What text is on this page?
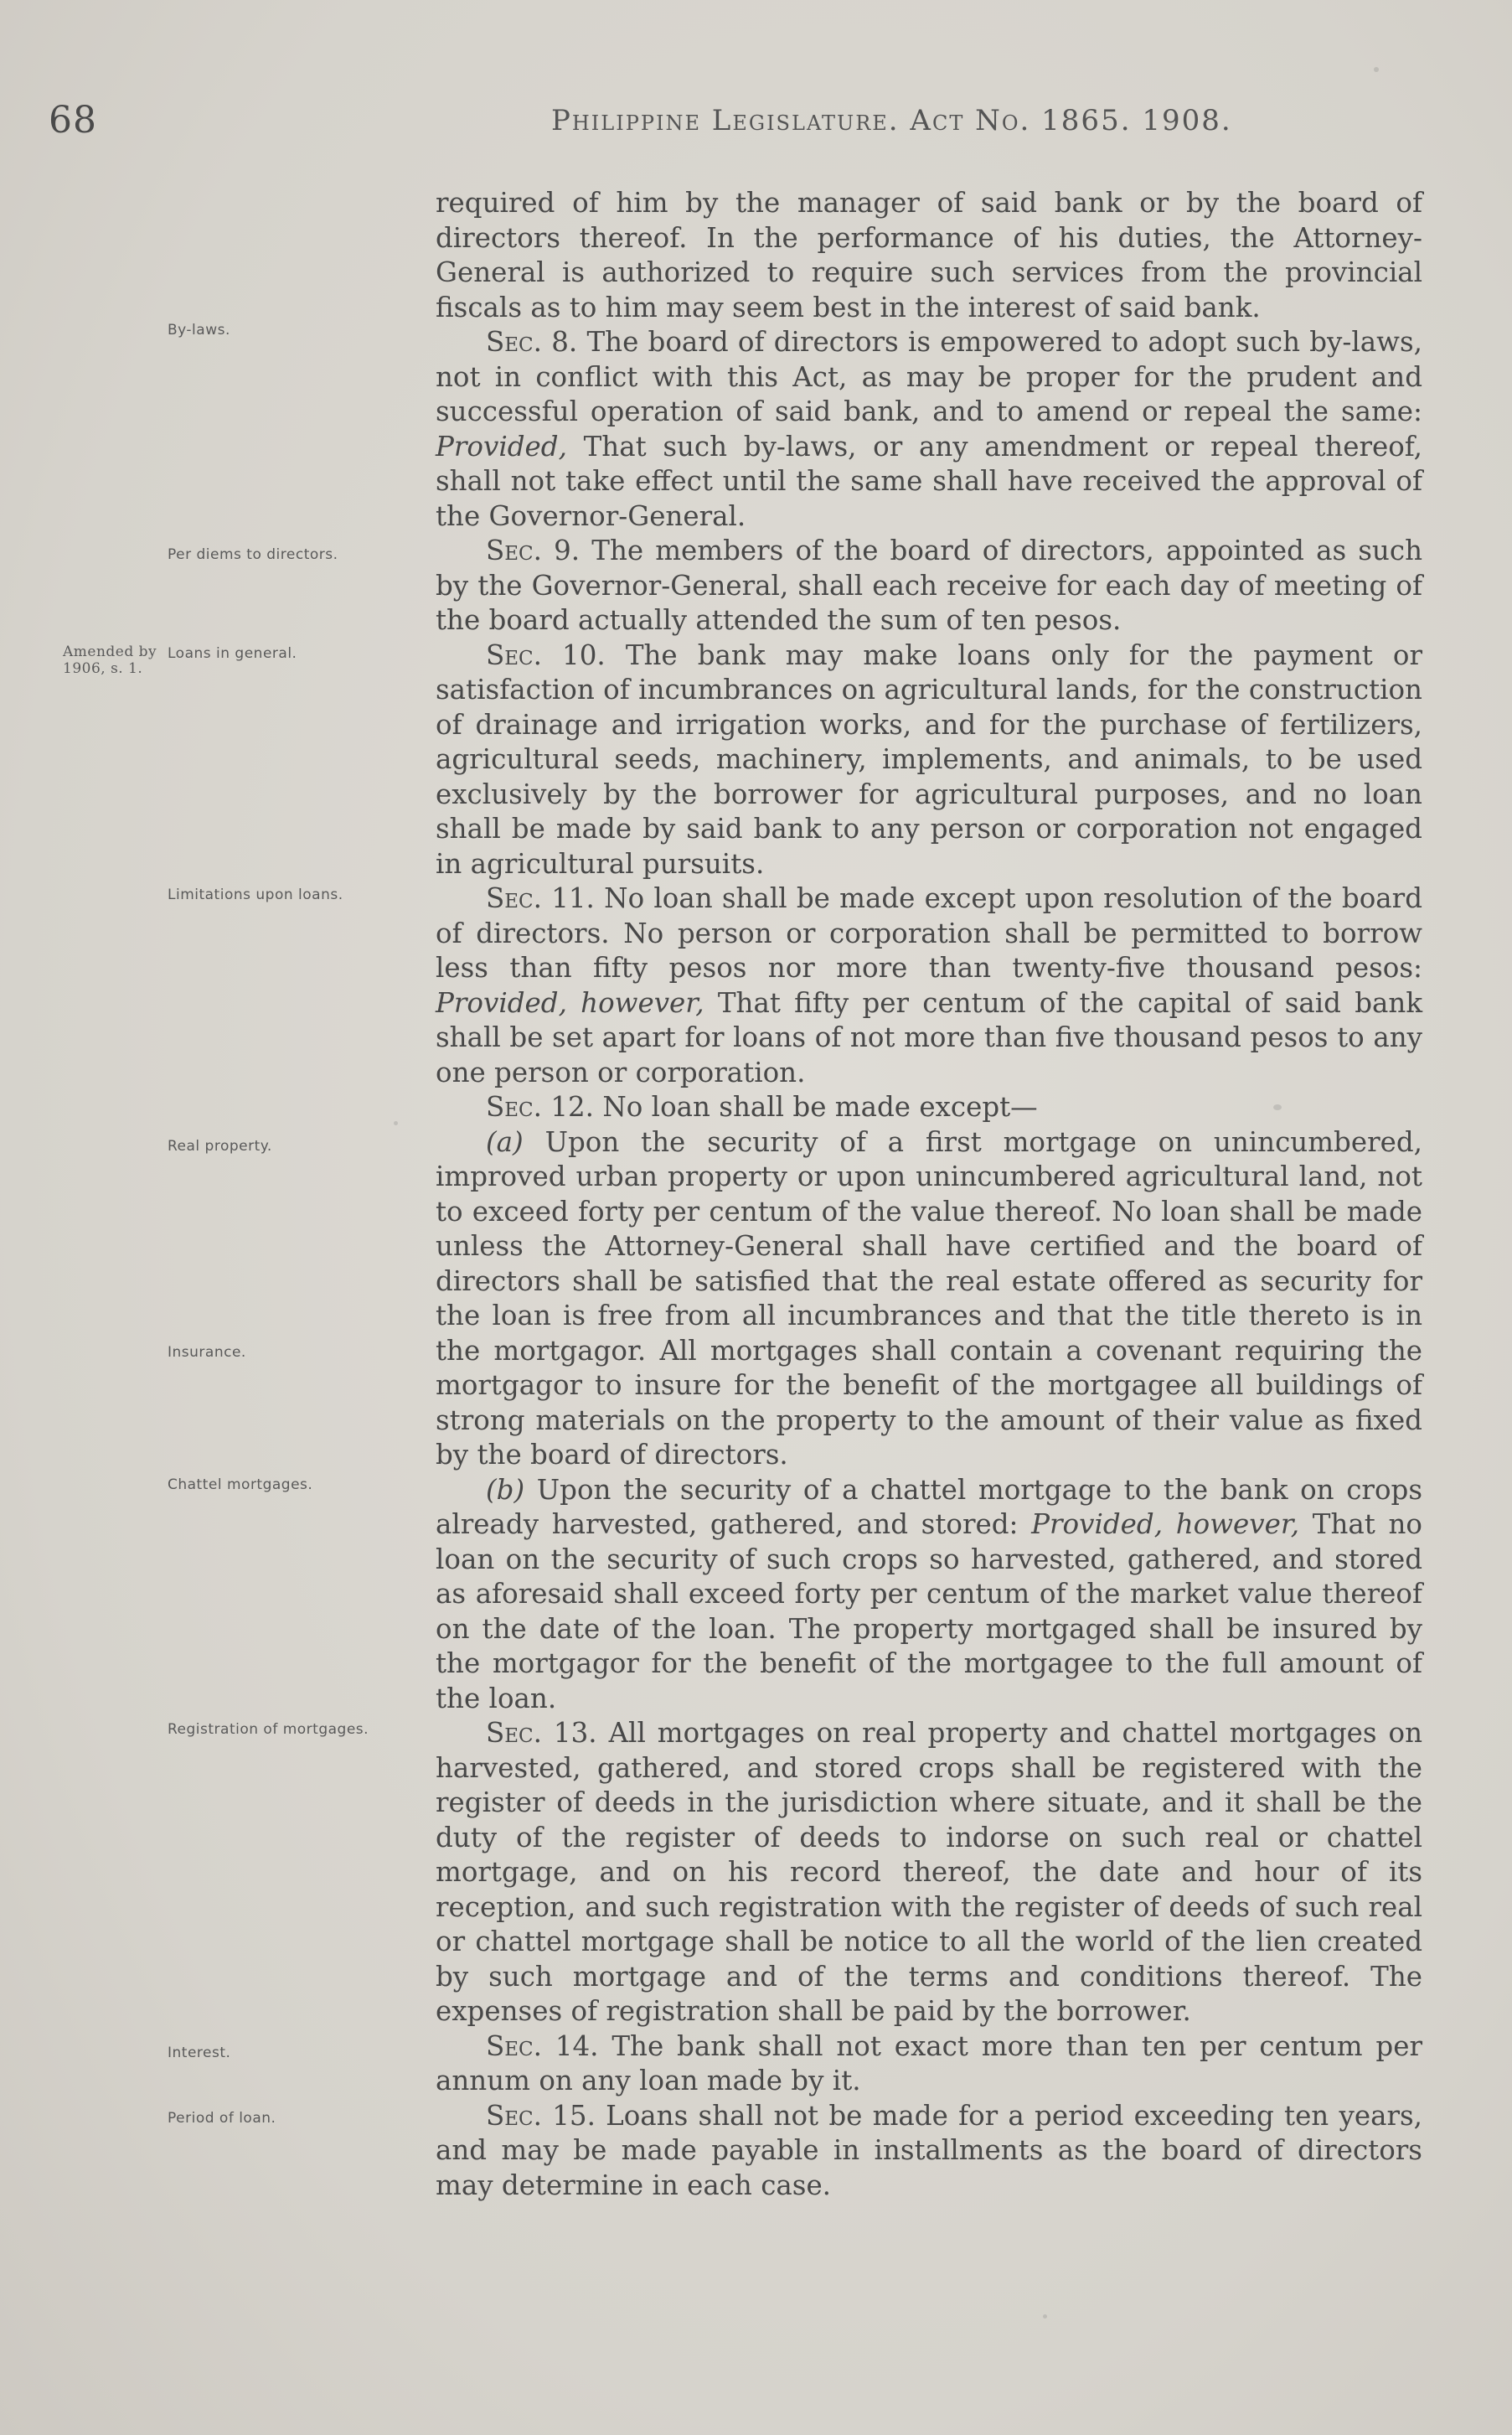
68	Philippine Legislature. Act No. 1865. 1908.
By-laws.
Per diems to directors.
Amended by 1906, s. 1.
Loans in general.
Limitations upon loans.
Real property.
Insurance.
Chattel mortgages.
Registration of mortgages.
Interest.
Period of loan.

required of him by the manager of said bank or by the board of directors thereof. In the performance of his duties, the Attorney-General is authorized to require such services from the provincial fiscals as to him may seem best in the interest of said bank.

Sec. 8. The board of directors is empowered to adopt such by-laws, not in conflict with this Act, as may be proper for the prudent and successful operation of said bank, and to amend or repeal the same: Provided, That such by-laws, or any amendment or repeal thereof, shall not take effect until the same shall have received the approval of the Governor-General.

Sec. 9. The members of the board of directors, appointed as such by the Governor-General, shall each receive for each day of meeting of the board actually attended the sum of ten pesos.

Sec. 10. The bank may make loans only for the payment or satisfaction of incumbrances on agricultural lands, for the construction of drainage and irrigation works, and for the purchase of fertilizers, agricultural seeds, machinery, implements, and animals, to be used exclusively by the borrower for agricultural purposes, and no loan shall be made by said bank to any person or corporation not engaged in agricultural pursuits.

Sec. 11. No loan shall be made except upon resolution of the board of directors. No person or corporation shall be permitted to borrow less than fifty pesos nor more than twenty-five thousand pesos: Provided, however, That fifty per centum of the capital of said bank shall be set apart for loans of not more than five thousand pesos to any one person or corporation.

Sec. 12. No loan shall be made except—

(a) Upon the security of a first mortgage on unincumbered, improved urban property or upon unincumbered agricultural land, not to exceed forty per centum of the value thereof. No loan shall be made unless the Attorney-General shall have certified and the board of directors shall be satisfied that the real estate offered as security for the loan is free from all incumbrances and that the title thereto is in the mortgagor. All mortgages shall contain a covenant requiring the mortgagor to insure for the benefit of the mortgagee all buildings of strong materials on the property to the amount of their value as fixed by the board of directors.

(b) Upon the security of a chattel mortgage to the bank on crops already harvested, gathered, and stored: Provided, however, That no loan on the security of such crops so harvested, gathered, and stored as aforesaid shall exceed forty per centum of the market value thereof on the date of the loan. The property mortgaged shall be insured by the mortgagor for the benefit of the mortgagee to the full amount of the loan.

Sec. 13. All mortgages on real property and chattel mortgages on harvested, gathered, and stored crops shall be registered with the register of deeds in the jurisdiction where situate, and it shall be the duty of the register of deeds to indorse on such real or chattel mortgage, and on his record thereof, the date and hour of its reception, and such registration with the register of deeds of such real or chattel mortgage shall be notice to all the world of the lien created by such mortgage and of the terms and conditions thereof. The expenses of registration shall be paid by the borrower.

Sec. 14. The bank shall not exact more than ten per centum per annum on any loan made by it.

Sec. 15. Loans shall not be made for a period exceeding ten years, and may be made payable in installments as the board of directors may determine in each case.
